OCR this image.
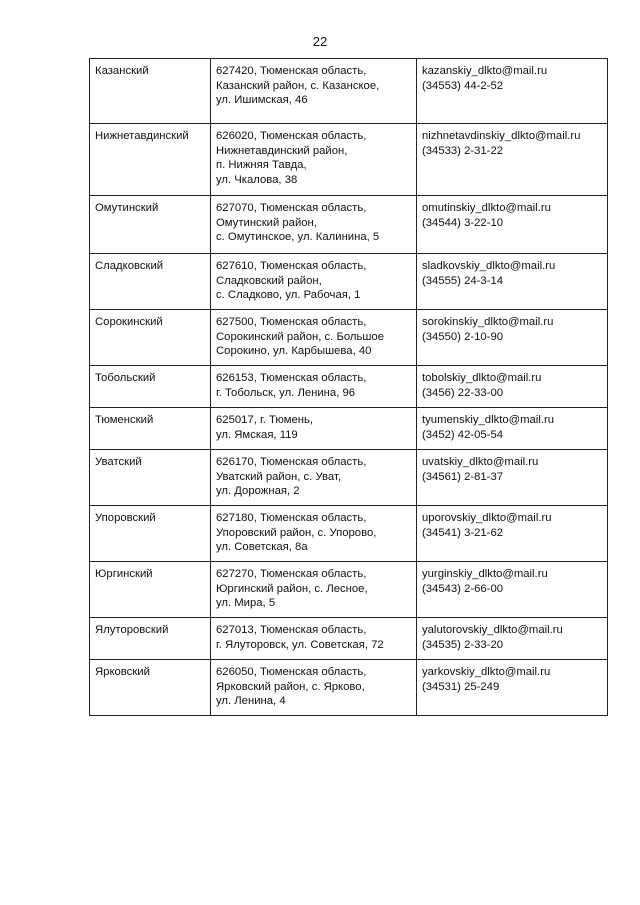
22
Казанский	627420, Тюменская область,
Казанский район, с. Казанское,
ул. Ишимская, 46	kazanskiy_dlkto@mail.ru
(34553) 44-2-52
Нижнетавдинский	626020, Тюменская область,
Нижнетавдинский район,
п. Нижняя Тавда,
ул. Чкалова, 38	nizhnetavdinskiy_dlkto@mail.ru
(34533) 2-31-22
Омутинский	627070, Тюменская область,
Омутинский район,
с. Омутинское, ул. Калинина, 5	omutinskiy_dlkto@mail.ru
(34544) 3-22-10
Сладковский	627610, Тюменская область,
Сладковский район,
с. Сладково, ул. Рабочая, 1	sladkovskiy_dlkto@mail.ru
(34555) 24-3-14
Сорокинский	627500, Тюменская область,
Сорокинский район, с. Большое
Сорокино, ул. Карбышева, 40	sorokinskiy_dlkto@mail.ru
(34550) 2-10-90
Тобольский	626153, Тюменская область,
г. Тобольск, ул. Ленина, 96	tobolskiy_dlkto@mail.ru
(3456) 22-33-00
Тюменский	625017, г. Тюмень,
ул. Ямская, 119	tyumenskiy_dlkto@mail.ru
(3452) 42-05-54
Уватский	626170, Тюменская область,
Уватский район, с. Уват,
ул. Дорожная, 2	uvatskiy_dlkto@mail.ru
(34561) 2-81-37
Упоровский	627180, Тюменская область,
Упоровский район, с. Упорово,
ул. Советская, 8а	uporovskiy_dlkto@mail.ru
(34541) 3-21-62
Юргинский	627270, Тюменская область,
Юргинский район, с. Лесное,
ул. Мира, 5	yurginskiy_dlkto@mail.ru
(34543) 2-66-00
Ялуторовский	627013, Тюменская область,
г. Ялуторовск, ул. Советская, 72	yalutorovskiy_dlkto@mail.ru
(34535) 2-33-20
Ярковский	626050, Тюменская область,
Ярковский район, с. Ярково,
ул. Ленина, 4	yarkovskiy_dlkto@mail.ru
(34531) 25-249
